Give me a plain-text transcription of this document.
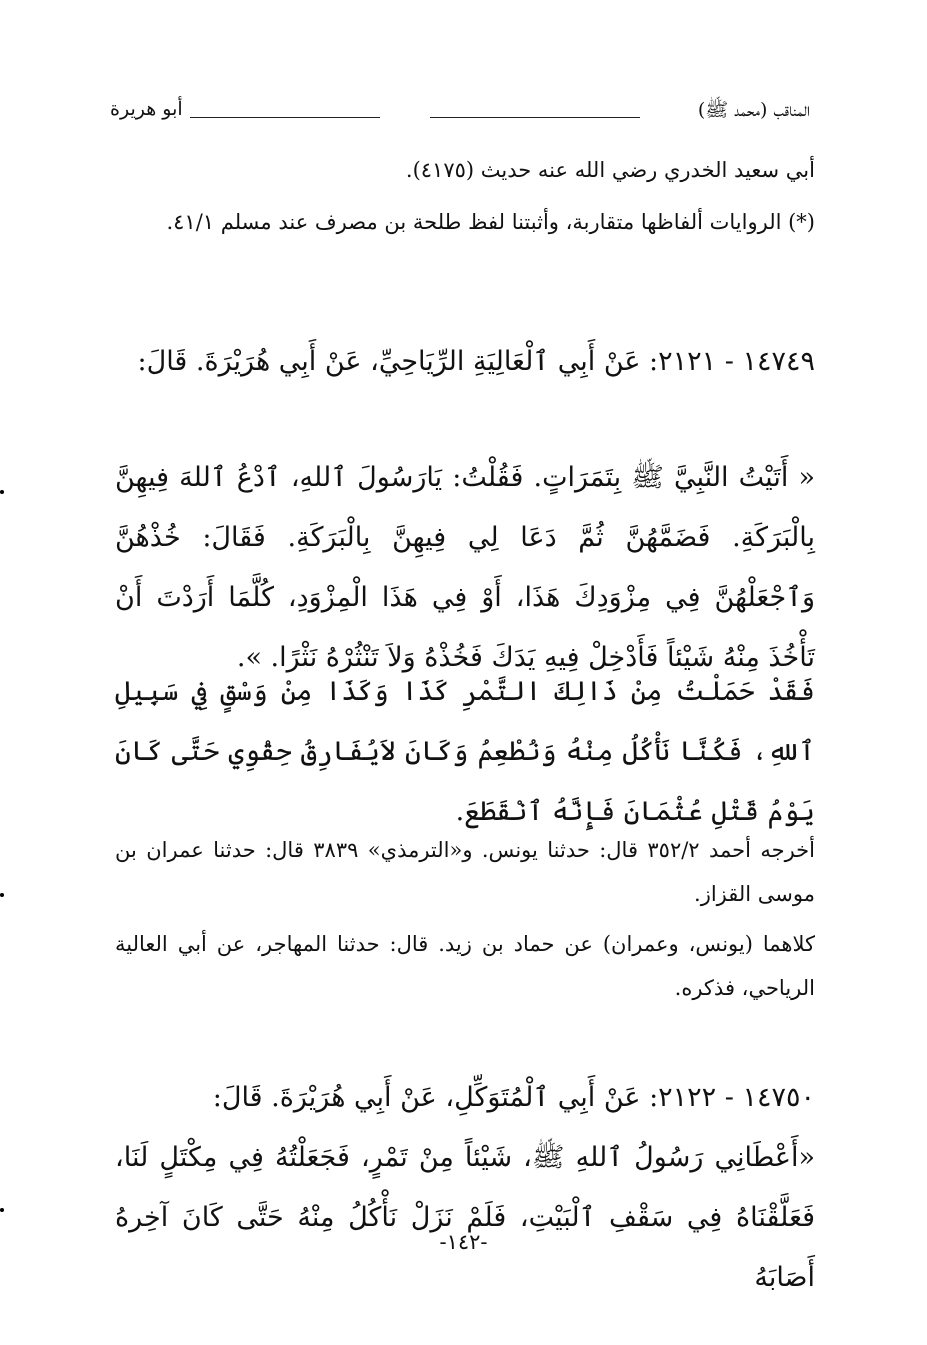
المناقب (محمد ﷺ)
أبو هريرة

أبي سعيد الخدري رضي الله عنه حديث (٤١٧٥).

(*) الروايات ألفاظها متقاربة، وأثبتنا لفظ طلحة بن مصرف عند مسلم ٤١/١.

١٤٧٤٩ - ٢١٢١: عَنْ أَبِي ٱلْعَالِيَةِ الرِّيَاحِيِّ، عَنْ أَبِي هُرَيْرَةَ. قَالَ:

« أَتَيْتُ النَّبِيَّ ﷺ بِتَمَرَاتٍ. فَقُلْتُ: يَارَسُولَ ٱللهِ، ٱدْعُ ٱللهَ فِيهِنَّ بِالْبَرَكَةِ. فَضَمَّهُنَّ ثُمَّ دَعَا لِي فِيهِنَّ بِالْبَرَكَةِ. فَقَالَ: خُذْهُنَّ وَٱجْعَلْهُنَّ فِي مِزْوَدِكَ هَذَا، أَوْ فِي هَذَا الْمِزْوَدِ، كُلَّمَا أَرَدْتَ أَنْ تَأْخُذَ مِنْهُ شَيْئاً فَأَدْخِلْ فِيهِ يَدَكَ فَخُذْهُ وَلاَ تَنْثُرْهُ نَثْرًا. ».

فَقَدْ حَمَلْتُ مِنْ ذَالِكَ التَّمْرِ كَذَا وَكَذَا مِنْ وَسْقٍ فِي سَبِيلِ ٱللهِ، فَكُنَّا نَأْكُلُ مِنْهُ وَنُطْعِمُ وَكَانَ لاَيُفَارِقُ حِقْوِي حَتَّى كَانَ يَوْمُ قَتْلِ عُثْمَانَ فَإِنَّهُ ٱنْقَطَعَ.

أخرجه أحمد ٣٥٢/٢ قال: حدثنا يونس. و«الترمذي» ٣٨٣٩ قال: حدثنا عمران بن موسى القزاز.

كلاهما (يونس، وعمران) عن حماد بن زيد. قال: حدثنا المهاجر، عن أبي العالية الرياحي، فذكره.

١٤٧٥٠ - ٢١٢٢: عَنْ أَبِي ٱلْمُتَوَكِّلِ، عَنْ أَبِي هُرَيْرَةَ. قَالَ:

«أَعْطَانِي رَسُولُ ٱللهِ ﷺ، شَيْئاً مِنْ تَمْرٍ، فَجَعَلْتُهُ فِي مِكْتَلٍ لَنَا، فَعَلَّقْنَاهُ فِي سَقْفِ ٱلْبَيْتِ، فَلَمْ نَزَلْ نَأْكُلُ مِنْهُ حَتَّى كَانَ آخِرهُ أَصَابَهُ

-١٤٢-
